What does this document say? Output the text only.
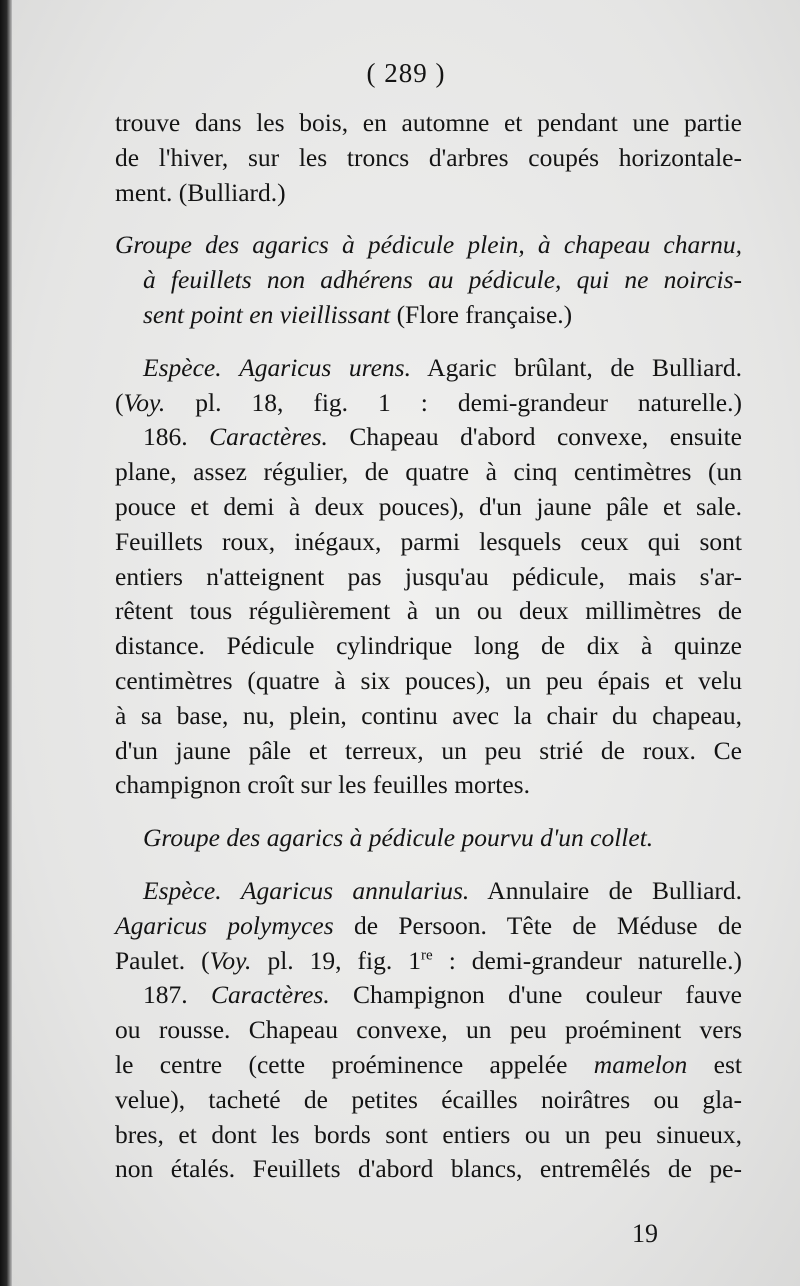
( 289 )

trouve dans les bois, en automne et pendant une partie

de l'hiver, sur les troncs d'arbres coupés horizontale-

ment. (Bulliard.)

Groupe des agarics à pédicule plein, à chapeau charnu,

à feuillets non adhérens au pédicule, qui ne noircis-

sent point en vieillissant (Flore française.)

Espèce. Agaricus urens. Agaric brûlant, de Bulliard.

(Voy. pl. 18, fig. 1 : demi-grandeur naturelle.)

186. Caractères. Chapeau d'abord convexe, ensuite

plane, assez régulier, de quatre à cinq centimètres (un

pouce et demi à deux pouces), d'un jaune pâle et sale.

Feuillets roux, inégaux, parmi lesquels ceux qui sont

entiers n'atteignent pas jusqu'au pédicule, mais s'ar-

rêtent tous régulièrement à un ou deux millimètres de

distance. Pédicule cylindrique long de dix à quinze

centimètres (quatre à six pouces), un peu épais et velu

à sa base, nu, plein, continu avec la chair du chapeau,

d'un jaune pâle et terreux, un peu strié de roux. Ce

champignon croît sur les feuilles mortes.

Groupe des agarics à pédicule pourvu d'un collet.

Espèce. Agaricus annularius. Annulaire de Bulliard.

Agaricus polymyces de Persoon. Tête de Méduse de

Paulet. (Voy. pl. 19, fig. 1re : demi-grandeur naturelle.)

187. Caractères. Champignon d'une couleur fauve

ou rousse. Chapeau convexe, un peu proéminent vers

le centre (cette proéminence appelée mamelon est

velue), tacheté de petites écailles noirâtres ou gla-

bres, et dont les bords sont entiers ou un peu sinueux,

non étalés. Feuillets d'abord blancs, entremêlés de pe-

19
